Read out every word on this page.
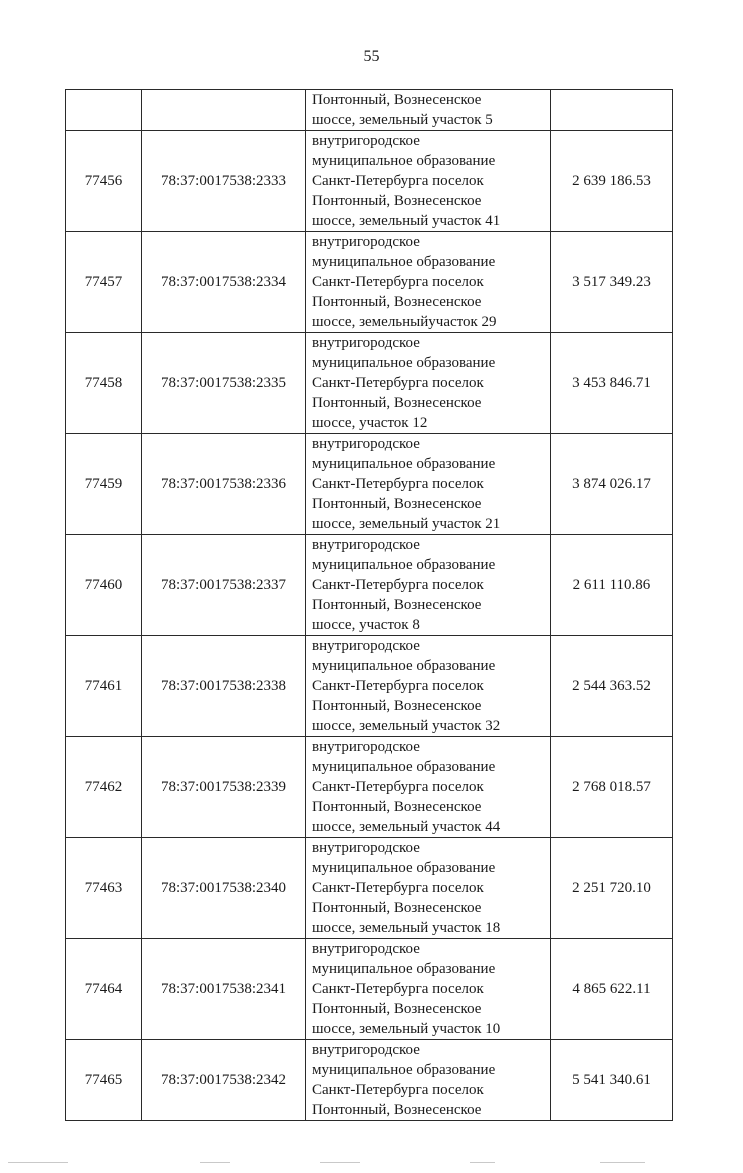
55

		Понтонный, Вознесенское
шоссе, земельный участок 5	

77456	78:37:0017538:2333	внутригородское
муниципальное образование
Санкт-Петербурга поселок
Понтонный, Вознесенское
шоссе, земельный участок 41	2 639 186.53
77457	78:37:0017538:2334	внутригородское
муниципальное образование
Санкт-Петербурга поселок
Понтонный, Вознесенское
шоссе, земельныйучасток 29	3 517 349.23
77458	78:37:0017538:2335	внутригородское
муниципальное образование
Санкт-Петербурга поселок
Понтонный, Вознесенское
шоссе, участок 12	3 453 846.71
77459	78:37:0017538:2336	внутригородское
муниципальное образование
Санкт-Петербурга поселок
Понтонный, Вознесенское
шоссе, земельный участок 21	3 874 026.17
77460	78:37:0017538:2337	внутригородское
муниципальное образование
Санкт-Петербурга поселок
Понтонный, Вознесенское
шоссе, участок 8	2 611 110.86
77461	78:37:0017538:2338	внутригородское
муниципальное образование
Санкт-Петербурга поселок
Понтонный, Вознесенское
шоссе, земельный участок 32	2 544 363.52
77462	78:37:0017538:2339	внутригородское
муниципальное образование
Санкт-Петербурга поселок
Понтонный, Вознесенское
шоссе, земельный участок 44	2 768 018.57
77463	78:37:0017538:2340	внутригородское
муниципальное образование
Санкт-Петербурга поселок
Понтонный, Вознесенское
шоссе, земельный участок 18	2 251 720.10
77464	78:37:0017538:2341	внутригородское
муниципальное образование
Санкт-Петербурга поселок
Понтонный, Вознесенское
шоссе, земельный участок 10	4 865 622.11
77465	78:37:0017538:2342	внутригородское
муниципальное образование
Санкт-Петербурга поселок
Понтонный, Вознесенское	5 541 340.61
